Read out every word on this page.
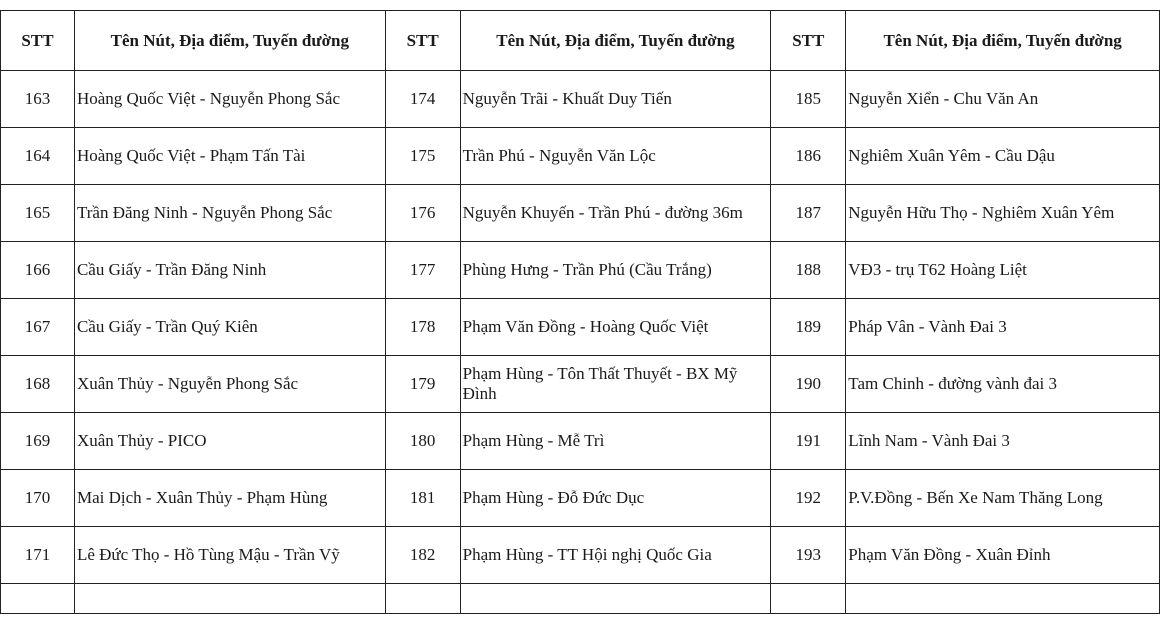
STT	Tên Nút, Địa điểm, Tuyến đường	STT	Tên Nút, Địa điểm, Tuyến đường	STT	Tên Nút, Địa điểm, Tuyến đường
163	Hoàng Quốc Việt - Nguyễn Phong Sắc	174	Nguyễn Trãi - Khuất Duy Tiến	185	Nguyễn Xiển - Chu Văn An
164	Hoàng Quốc Việt - Phạm Tấn Tài	175	Trần Phú - Nguyễn Văn Lộc	186	Nghiêm Xuân Yêm - Cầu Dậu
165	Trần Đăng Ninh - Nguyễn Phong Sắc	176	Nguyễn Khuyến - Trần Phú - đường 36m	187	Nguyễn Hữu Thọ - Nghiêm Xuân Yêm
166	Cầu Giấy - Trần Đăng Ninh	177	Phùng Hưng - Trần Phú (Cầu Trắng)	188	VĐ3 - trụ T62 Hoàng Liệt
167	Cầu Giấy - Trần Quý Kiên	178	Phạm Văn Đồng - Hoàng Quốc Việt	189	Pháp Vân - Vành Đai 3
168	Xuân Thủy - Nguyễn Phong Sắc	179	Phạm Hùng - Tôn Thất Thuyết - BX Mỹ Đình	190	Tam Chinh - đường vành đai 3
169	Xuân Thủy - PICO	180	Phạm Hùng - Mễ Trì	191	Lĩnh Nam - Vành Đai 3
170	Mai Dịch - Xuân Thủy - Phạm Hùng	181	Phạm Hùng - Đỗ Đức Dục	192	P.V.Đồng - Bến Xe Nam Thăng Long
171	Lê Đức Thọ - Hồ Tùng Mậu - Trần Vỹ	182	Phạm Hùng - TT Hội nghị Quốc Gia	193	Phạm Văn Đồng - Xuân Đỉnh
